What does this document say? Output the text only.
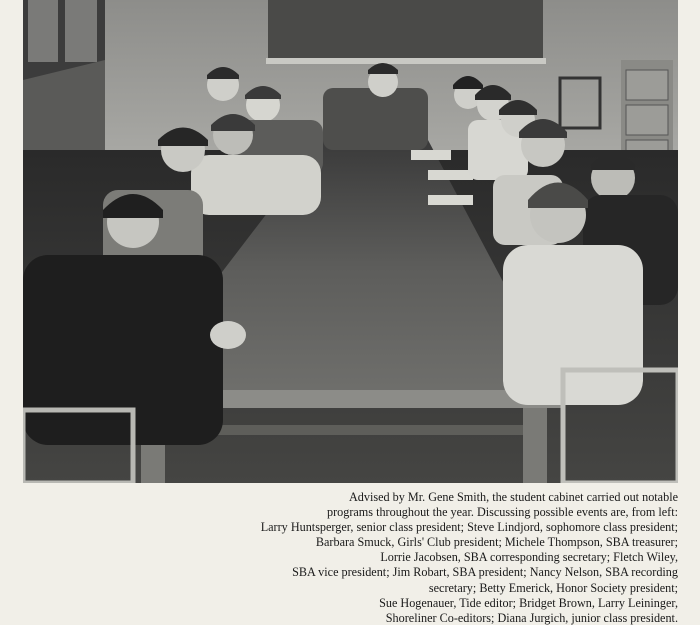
Advised by Mr. Gene Smith, the student cabinet carried out notable
programs throughout the year. Discussing possible events are, from left:
Larry Huntsperger, senior class president; Steve Lindjord, sophomore class president;
Barbara Smuck, Girls' Club president; Michele Thompson, SBA treasurer;
Lorrie Jacobsen, SBA corresponding secretary; Fletch Wiley,
SBA vice president; Jim Robart, SBA president; Nancy Nelson, SBA recording
secretary; Betty Emerick, Honor Society president;
Sue Hogenauer, Tide editor; Bridget Brown, Larry Leininger,
Shoreliner Co-editors; Diana Jurgich, junior class president.
